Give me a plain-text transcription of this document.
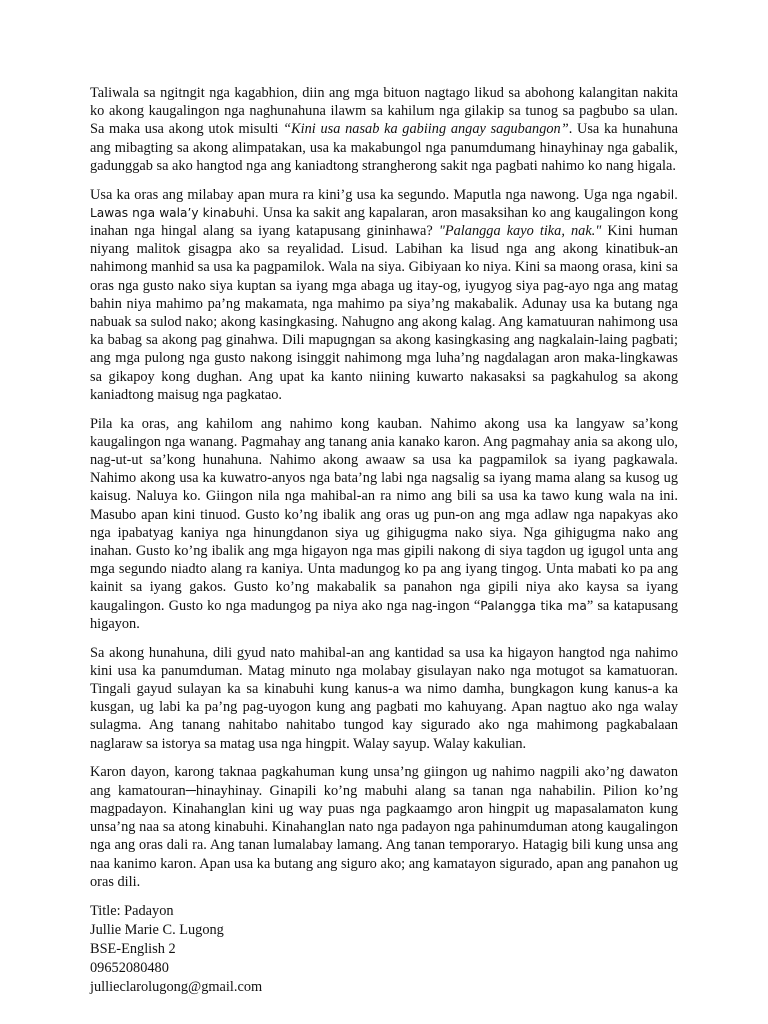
Taliwala sa ngitngit nga kagabhion, diin ang mga bituon nagtago likud sa abohong kalangitan nakita ko akong kaugalingon nga naghunahuna ilawm sa kahilum nga gilakip sa tunog sa pagbubo sa ulan. Sa maka usa akong utok misulti “Kini usa nasab ka gabiing angay sagubangon”. Usa ka hunahuna ang mibagting sa akong alimpatakan, usa ka makabungol nga panumdumang hinayhinay nga gabalik, gadunggab sa ako hangtod nga ang kaniadtong strangherong sakit nga pagbati nahimo ko nang higala.

Usa ka oras ang milabay apan mura ra kini’g usa ka segundo. Maputla nga nawong. Uga nga ngabil. Lawas nga wala’y kinabuhi. Unsa ka sakit ang kapalaran, aron masaksihan ko ang kaugalingon kong inahan nga hingal alang sa iyang katapusang gininhawa? "Palangga kayo tika, nak." Kini human niyang malitok gisagpa ako sa reyalidad. Lisud. Labihan ka lisud nga ang akong kinatibuk-an nahimong manhid sa usa ka pagpamilok. Wala na siya. Gibiyaan ko niya. Kini sa maong orasa, kini sa oras nga gusto nako siya kuptan sa iyang mga abaga ug itay-og, iyugyog siya pag-ayo nga ang matag bahin niya mahimo pa’ng makamata, nga mahimo pa siya’ng makabalik. Adunay usa ka butang nga nabuak sa sulod nako; akong kasingkasing. Nahugno ang akong kalag. Ang kamatuuran nahimong usa ka babag sa akong pag ginahwa. Dili mapugngan sa akong kasingkasing ang nagkalain-laing pagbati; ang mga pulong nga gusto nakong isinggit nahimong mga luha’ng nagdalagan aron maka-lingkawas sa gikapoy kong dughan. Ang upat ka kanto niining kuwarto nakasaksi sa pagkahulog sa akong kaniadtong maisug nga pagkatao.

Pila ka oras, ang kahilom ang nahimo kong kauban. Nahimo akong usa ka langyaw sa’kong kaugalingon nga wanang. Pagmahay ang tanang ania kanako karon. Ang pagmahay ania sa akong ulo, nag-ut-ut sa’kong hunahuna. Nahimo akong awaaw sa usa ka pagpamilok sa iyang pagkawala. Nahimo akong usa ka kuwatro-anyos nga bata’ng labi nga nagsalig sa iyang mama alang sa kusog ug kaisug. Naluya ko. Giingon nila nga mahibal-an ra nimo ang bili sa usa ka tawo kung wala na ini. Masubo apan kini tinuod. Gusto ko’ng ibalik ang oras ug pun-on ang mga adlaw nga napakyas ako nga ipabatyag kaniya nga hinungdanon siya ug gihigugma nako siya. Nga gihigugma nako ang inahan. Gusto ko’ng ibalik ang mga higayon nga mas gipili nakong di siya tagdon ug igugol unta ang mga segundo niadto alang ra kaniya. Unta madungog ko pa ang iyang tingog. Unta mabati ko pa ang kainit sa iyang gakos. Gusto ko’ng makabalik sa panahon nga gipili niya ako kaysa sa iyang kaugalingon. Gusto ko nga madungog pa niya ako nga nag-ingon “Palangga tika ma” sa katapusang higayon.

Sa akong hunahuna, dili gyud nato mahibal-an ang kantidad sa usa ka higayon hangtod nga nahimo kini usa ka panumduman. Matag minuto nga molabay gisulayan nako nga motugot sa kamatuoran. Tingali gayud sulayan ka sa kinabuhi kung kanus-a wa nimo damha, bungkagon kung kanus-a ka kusgan, ug labi ka pa’ng pag-uyogon kung ang pagbati mo kahuyang. Apan nagtuo ako nga walay sulagma. Ang tanang nahitabo nahitabo tungod kay sigurado ako nga mahimong pagkabalaan naglaraw sa istorya sa matag usa nga hingpit. Walay sayup. Walay kakulian.

Karon dayon, karong taknaa pagkahuman kung unsa’ng giingon ug nahimo nagpili ako’ng dawaton ang kamatouran─hinayhinay. Ginapili ko’ng mabuhi alang sa tanan nga nahabilin. Pilion ko’ng magpadayon. Kinahanglan kini ug way puas nga pagkaamgo aron hingpit ug mapasalamaton kung unsa’ng naa sa atong kinabuhi. Kinahanglan nato nga padayon nga pahinumduman atong kaugalingon nga ang oras dali ra. Ang tanan lumalabay lamang. Ang tanan temporaryo. Hatagig bili kung unsa ang naa kanimo karon. Apan usa ka butang ang siguro ako; ang kamatayon sigurado, apan ang panahon ug oras dili.

Title: Padayon
Jullie Marie C. Lugong
BSE-English 2
09652080480
jullieclarolugong@gmail.com
